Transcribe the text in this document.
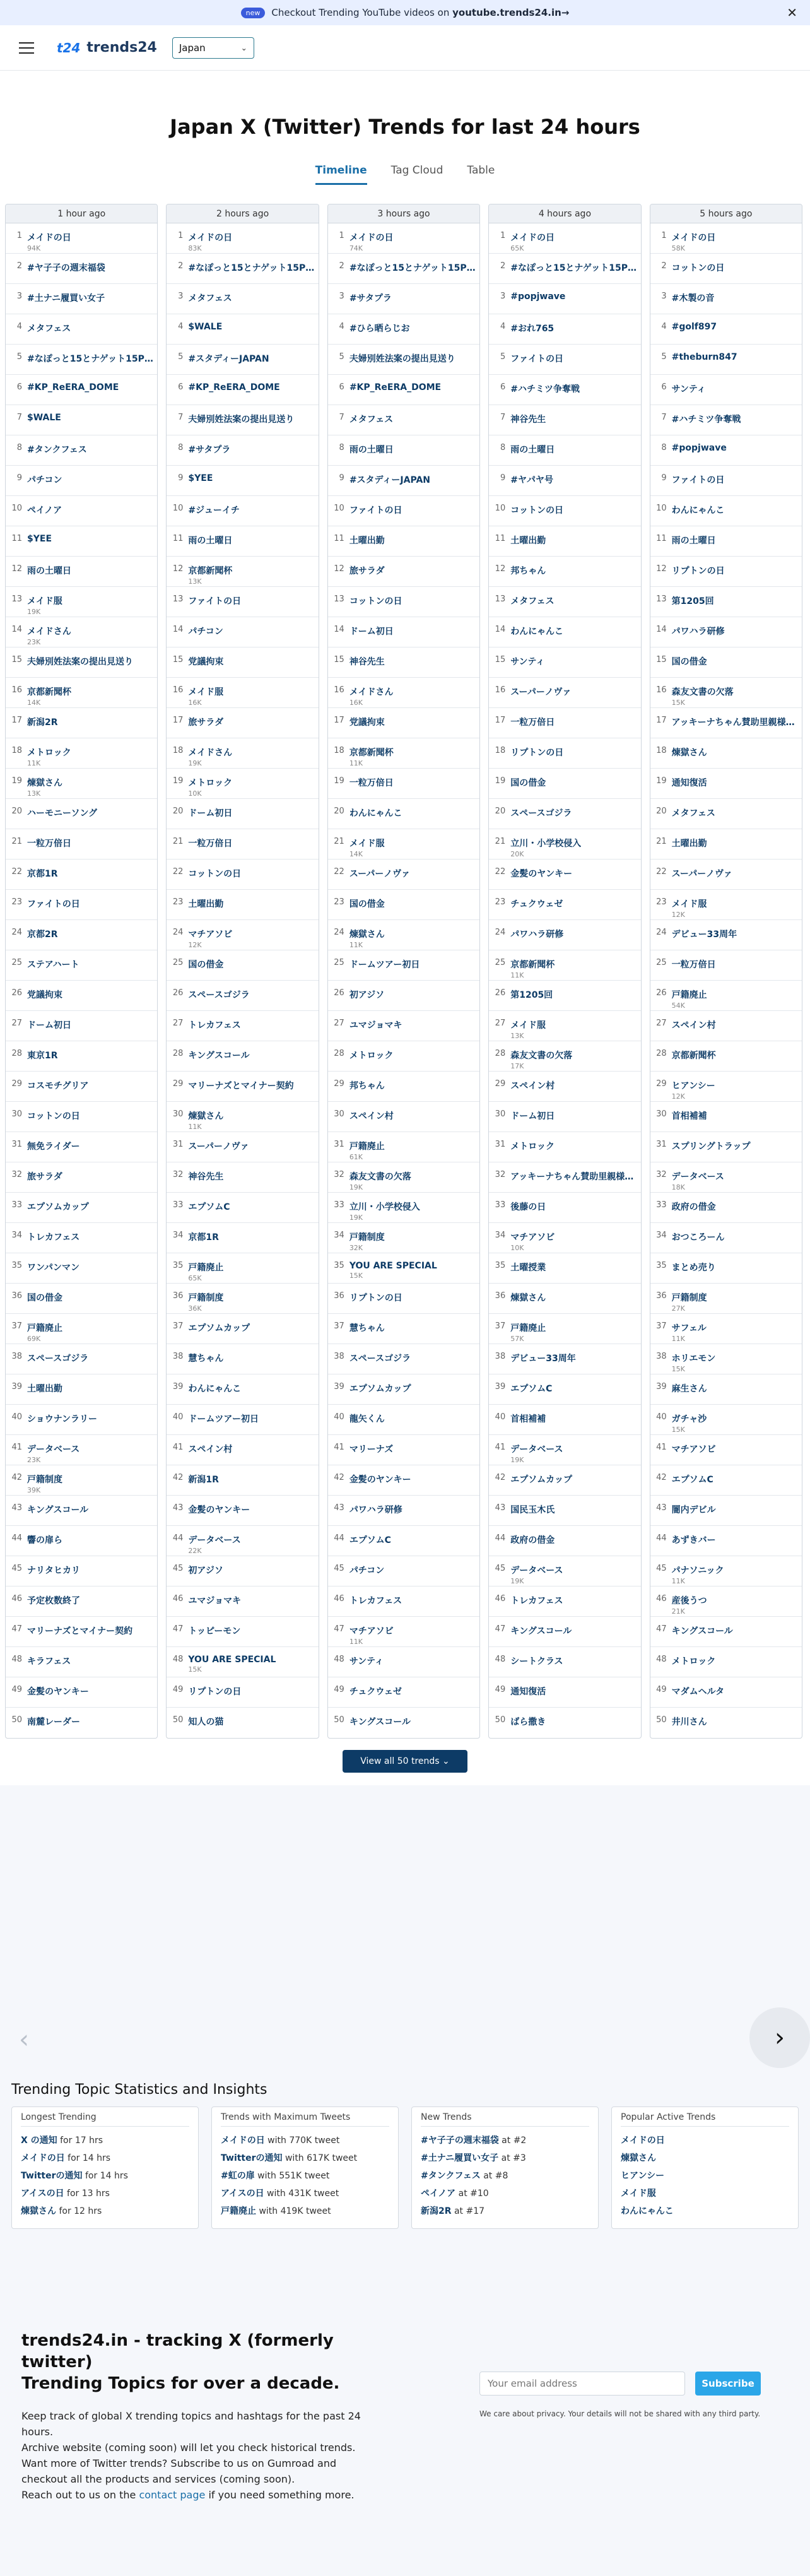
new	Checkout Trending YouTube videos on
youtube.trends24.in→	✕
t24 trends24 Japan	⌄
Japan X (Twitter) Trends for last 24 hours
Timeline Tag Cloud Table
1 hour ago
1 メイドの日
94K
2 #ヤ子子の週末福袋
3 #土ナニ履買い女子
4 メタフェス
5 #なぽっと15とナゲット15P…
6 #KP_ReERA_DOME
7 $WALE
8 #タンクフェス
9 パチコン
10 ペイノア
11 $YEE
12 雨の土曜日
13 メイド服
19K
14 メイドさん
23K
15 夫婦別姓法案の提出見送り
16 京都新聞杯
14K
17 新潟2R
18 メトロック
11K
19 煉獄さん
13K
20 ハーモニーソング
21 一粒万倍日
22 京都1R
23 ファイトの日
24 京都2R
25 ステアハート
26 党議拘束
27 ドーム初日
28 東京1R
29 コスモチグリア
30 コットンの日
31 無免ライダー
32 旅サラダ
33 エプソムカップ
34 トレカフェス
35 ワンパンマン
36 国の借金
37 戸籍廃止
69K
38 スペースゴジラ
39 土曜出勤
40 ショウナンラリー
41 データベース
23K
42 戸籍制度
39K
43 キングスコール
44 響の扉ら
45 ナリタヒカリ
46 予定枚数終了
47 マリーナズとマイナー契約
48 キラフェス
49 金髪のヤンキー
50 南麓レーダー
2 hours ago
1 メイドの日
83K
2 #なぽっと15とナゲット15P…
3 メタフェス
4 $WALE
5 #スタディーJAPAN
6 #KP_ReERA_DOME
7 夫婦別姓法案の提出見送り
8 #サタプラ
9 $YEE
10 #ジューイチ
11 雨の土曜日
12 京都新聞杯
13K
13 ファイトの日
14 パチコン
15 党議拘束
16 メイド服
16K
17 旅サラダ
18 メイドさん
19K
19 メトロック
10K
20 ドーム初日
21 一粒万倍日
22 コットンの日
23 土曜出勤
24 マチアソビ
12K
25 国の借金
26 スペースゴジラ
27 トレカフェス
28 キングスコール
29 マリーナズとマイナー契約
30 煉獄さん
11K
31 スーパーノヴァ
32 神谷先生
33 エプソムC
34 京都1R
35 戸籍廃止
65K
36 戸籍制度
36K
37 エプソムカップ
38 慧ちゃん
39 わんにゃんこ
40 ドームツアー初日
41 スペイン村
42 新潟1R
43 金髪のヤンキー
44 データベース
22K
45 初アジソ
46 ユマジョマキ
47 トッピーモン
48 YOU ARE SPECIAL
15K
49 リプトンの日
50 知人の猫
3 hours ago
1 メイドの日
74K
2 #なぽっと15とナゲット15P…
3 #サタプラ
4 #ひら晒らじお
5 夫婦別姓法案の提出見送り
6 #KP_ReERA_DOME
7 メタフェス
8 雨の土曜日
9 #スタディーJAPAN
10 ファイトの日
11 土曜出勤
12 旅サラダ
13 コットンの日
14 ドーム初日
15 神谷先生
16 メイドさん
16K
17 党議拘束
18 京都新聞杯
11K
19 一粒万倍日
20 わんにゃんこ
21 メイド服
14K
22 スーパーノヴァ
23 国の借金
24 煉獄さん
11K
25 ドームツアー初日
26 初アジソ
27 ユマジョマキ
28 メトロック
29 邦ちゃん
30 スペイン村
31 戸籍廃止
61K
32 森友文書の欠落
19K
33 立川・小学校侵入
19K
34 戸籍制度
32K
35 YOU ARE SPECIAL
15K
36 リプトンの日
37 慧ちゃん
38 スペースゴジラ
39 エプソムカップ
40 龍矢くん
41 マリーナズ
42 金髪のヤンキー
43 パワハラ研修
44 エプソムC
45 パチコン
46 トレカフェス
47 マチアソビ
11K
48 サンティ
49 チュクウェゼ
50 キングスコール
4 hours ago
1 メイドの日
65K
2 #なぽっと15とナゲット15P…
3 #popjwave
4 #おれ765
5 ファイトの日
6 #ハチミツ争奪戦
7 神谷先生
8 雨の土曜日
9 #ヤパヤ号
10 コットンの日
11 土曜出勤
12 邦ちゃん
13 メタフェス
14 わんにゃんこ
15 サンティ
16 スーパーノヴァ
17 一粒万倍日
18 リプトンの日
19 国の借金
20 スペースゴジラ
21 立川・小学校侵入
20K
22 金髪のヤンキー
23 チュクウェゼ
24 パワハラ研修
25 京都新聞杯
11K
26 第1205回
27 メイド服
13K
28 森友文書の欠落
17K
29 スペイン村
30 ドーム初日
31 メトロック
32 アッキーナちゃん賛助里親様…
33 後藤の日
34 マチアソビ
10K
35 土曜授業
36 煉獄さん
37 戸籍廃止
57K
38 デビュー33周年
39 エプソムC
40 首相補補
41 データベース
19K
42 エプソムカップ
43 国民玉木氏
44 政府の借金
45 データベース
19K
46 トレカフェス
47 キングスコール
48 シートクラス
49 通知復活
50 ばら撒き
5 hours ago
1 メイドの日
58K
2 コットンの日
3 #木製の音
4 #golf897
5 #theburn847
6 サンティ
7 #ハチミツ争奪戦
8 #popjwave
9 ファイトの日
10 わんにゃんこ
11 雨の土曜日
12 リプトンの日
13 第1205回
14 パワハラ研修
15 国の借金
16 森友文書の欠落
15K
17 アッキーナちゃん賛助里親様…
18 煉獄さん
19 通知復活
20 メタフェス
21 土曜出勤
22 スーパーノヴァ
23 メイド服
12K
24 デビュー33周年
25 一粒万倍日
26 戸籍廃止
54K
27 スペイン村
28 京都新聞杯
29 ヒアンシー
12K
30 首相補補
31 スプリングトラップ
32 データベース
18K
33 政府の借金
34 おつころーん
35 まとめ売り
36 戸籍制度
27K
37 サフェル
11K
38 ホリエモン
15K
39 麻生さん
40 ガチャ沙
15K
41 マチアソビ
42 エプソムC
43 闇内デビル
44 あずきバー
45 パナソニック
11K
46 産後うつ
21K
47 キングスコール
48 メトロック
49 マダムヘルタ
50 井川さん
View all 50 trends ⌄
‹	›
Trending Topic Statistics and Insights
Longest Trending
X の通知 for 17 hrs
メイドの日 for 14 hrs
Twitterの通知 for 14 hrs
アイスの日 for 13 hrs
煉獄さん for 12 hrs
Trends with Maximum Tweets
メイドの日 with 770K tweet
Twitterの通知 with 617K tweet
#虹の扉 with 551K tweet
アイスの日 with 431K tweet
戸籍廃止 with 419K tweet
New Trends
#ヤ子子の週末福袋 at #2
#土ナニ履買い女子 at #3
#タンクフェス at #8
ペイノア at #10
新潟2R at #17
Popular Active Trends
メイドの日
煉獄さん
ヒアンシー
メイド服
わんにゃんこ
trends24.in - tracking X (formerly twitter)
Trending Topics for over a decade.

Keep track of global X trending topics and hashtags for the past 24
hours.
Archive website (coming soon) will let you check historical trends.
Want more of Twitter trends? Subscribe to us on Gumroad and
checkout all the products and services (coming soon).
Reach out to us on the contact page if you need something more.

Your email address
Subscribe
We care about privacy. Your details will not be shared with any third party.
